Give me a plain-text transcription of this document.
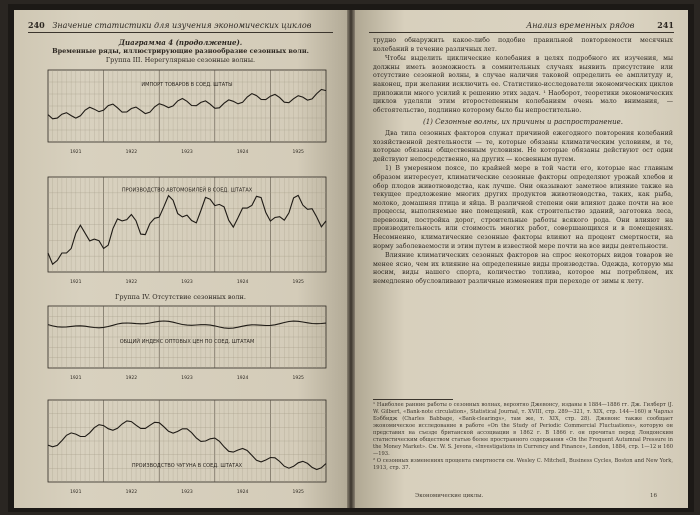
240 Значение статистики для изучения экономических циклов
Диаграмма 4 (продолжение).
Временные ряды, иллюстрирующие разнообразие сезонных волн.
Группа III. Нерегулярные сезонные волны.
ИМПОРТ ТОВАРОВ В СОЕД. ШТАТЫ
1921	1922	1923	1924	1925
ПРОИЗВОДСТВО АВТОМОБИЛЕЙ В СОЕД. ШТАТАХ
1921	1922	1923	1924	1925
Группа IV. Отсутствие сезонных волн.
ОБЩИЙ ИНДЕКС ОПТОВЫХ ЦЕН ПО СОЕД. ШТАТАМ
1921	1922	1923	1924	1925
ПРОИЗВОДСТВО ЧУГУНА В СОЕД. ШТАТАХ
1921	1922	1923	1924	1925
Анализ временных рядов	241

трудно обнаружить какое-либо подобие правильной повторяемости месячных колебаний в течение различных лет.

Чтобы выделить циклические колебания в целях подробного их изучения, мы должны иметь возможность в сомнительных случаях выявить присутствие или отсутствие сезонной волны, в случае наличия таковой определить ее амплитуду и, наконец, при желании исключить ее. Статистико-исследователи экономических циклов приложили много усилий к решению этих задач. ¹ Наоборот, теоретики экономических циклов уделяли этим второстепенным колебаниям очень мало внимания, — обстоятельство, подлинно которому было бы непростительно.

(1) Сезонные волны, их причины и распространение.

Два типа сезонных факторов служат причиной ежегодного повторения колебаний хозяйственной деятельности — те, которые обязаны климатическим условиям, и те, которые обязаны общественным условиям. Не которые обязаны действуют ост одни действуют непосредственно, на других — косвенным путем.

1) В умеренном поясе, по крайней мере в той части его, которые нас главным образом интересует, климатические сезонные факторы определяют урожай хлебов и обор плодов животноводства, как лучше. Они оказывают заметное влияние также на текущее предложение многих других продуктов животноводства, таких, как рыба, молоко, домашняя птица и яйца. В различной степени они влияют даже почти на все процессы, выполняемые вне помещений, как строительство зданий, заготовка леса, перевозки, постройка дорог, строительные работы всякого рода. Они влияют на производительность или стоимость многих работ, совершающихся и в помещениях. Несомненно, климатические сезонные факторы влияют на процент смертности, на норму заболеваемости и этим путем в известной мере почти на все виды деятельности.

Влияние климатических сезонных факторов на спрос некоторых видов товаров не менее ясно, чем их влияние на определенные виды производства. Одежда, которую мы носим, виды нашего спорта, количество топлива, которое мы потребляем, их немедленно обусловливают различные изменения при переходе от зимы к лету.

¹ Наиболее ранние работы о сезонных волнах, вероятно Джевонсу, изданы в 1884—1886 гг. Дж. Гилберт (J. W. Gilbert, «Bank-note circulation», Statistical Journal, т. XVIII, стр. 289—321, т. XIX, стр. 144—160) и Чарльз Бэббидж (Charles Babbage, «Bank-clearings», там же, т. XIX, стр. 28). Джевонс также сообщает экономическое исследование в работе «On the Study of Periodic Commercial Fluctuations», которую он представил на съезде британской ассоциации в 1862 г. В 1866 г. он прочитал перед Лондонским статистическим обществом статью более пространного содержания «On the Frequent Autumnal Pressure in the Money Market». См. W. S. Jevons, «Investigations in Currency and Finance», London, 1884, стр. 1—12 и 160—193.
² О сезонных изменениях процента смертности см. Wesley C. Mitchell, Business Cycles, Boston and New York, 1913, стр. 37.
Экономические циклы.	16
